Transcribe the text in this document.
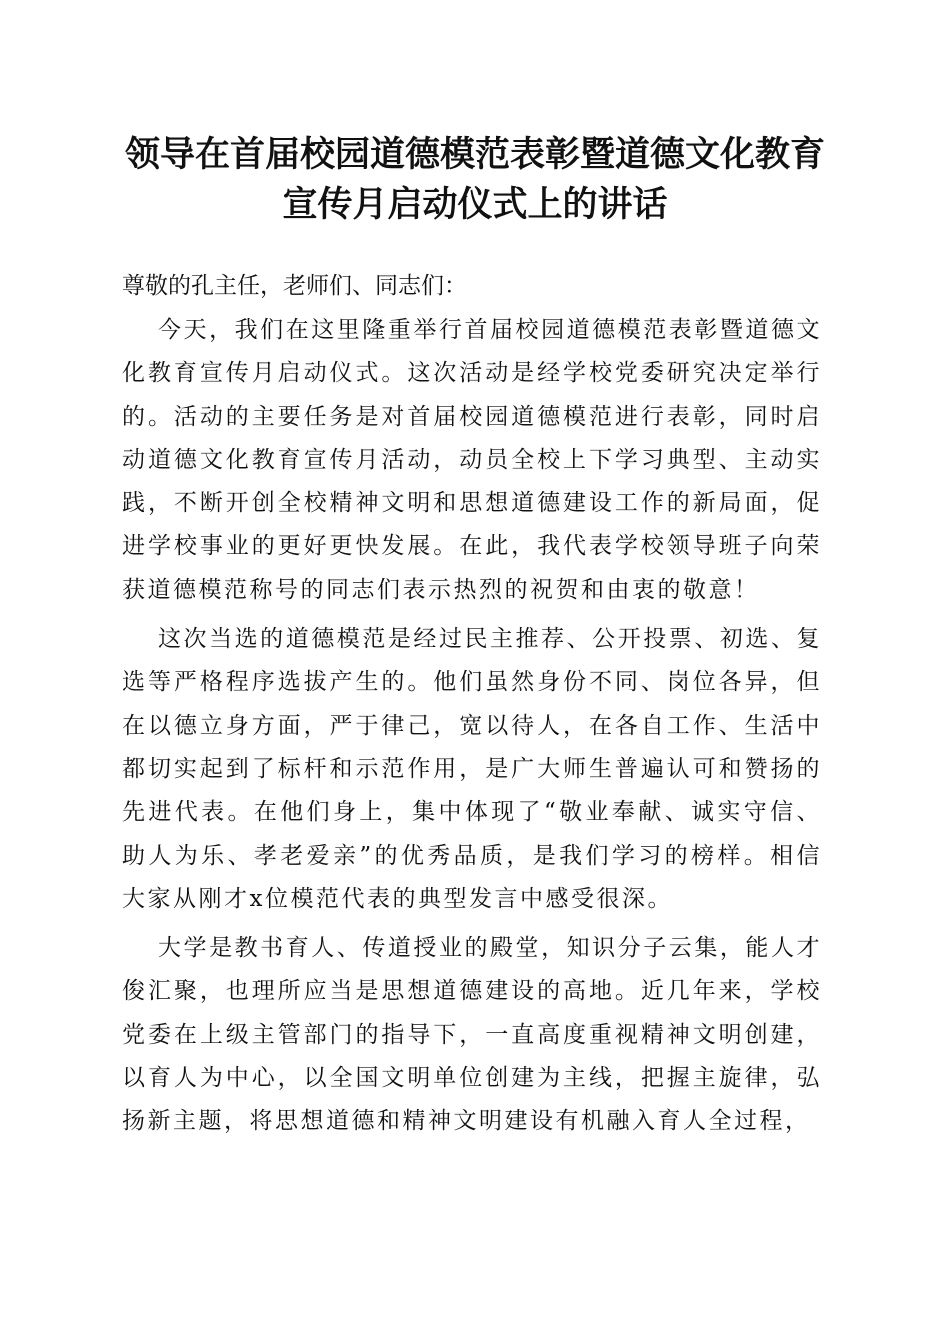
领导在首届校园道德模范表彰暨道德文化教育
宣传月启动仪式上的讲话

尊敬的孔主任，老师们、同志们：

今天，我们在这里隆重举行首届校园道德模范表彰暨道德文化教育宣传月启动仪式。这次活动是经学校党委研究决定举行的。活动的主要任务是对首届校园道德模范进行表彰，同时启动道德文化教育宣传月活动，动员全校上下学习典型、主动实践，不断开创全校精神文明和思想道德建设工作的新局面，促进学校事业的更好更快发展。在此，我代表学校领导班子向荣获道德模范称号的同志们表示热烈的祝贺和由衷的敬意！

这次当选的道德模范是经过民主推荐、公开投票、初选、复选等严格程序选拔产生的。他们虽然身份不同、岗位各异，但在以德立身方面，严于律己，宽以待人，在各自工作、生活中都切实起到了标杆和示范作用，是广大师生普遍认可和赞扬的先进代表。在他们身上，集中体现了“敬业奉献、诚实守信、助人为乐、孝老爱亲”的优秀品质，是我们学习的榜样。相信大家从刚才x位模范代表的典型发言中感受很深。

大学是教书育人、传道授业的殿堂，知识分子云集，能人才俊汇聚，也理所应当是思想道德建设的高地。近几年来，学校党委在上级主管部门的指导下，一直高度重视精神文明创建，以育人为中心，以全国文明单位创建为主线，把握主旋律，弘扬新主题，将思想道德和精神文明建设有机融入育人全过程，
